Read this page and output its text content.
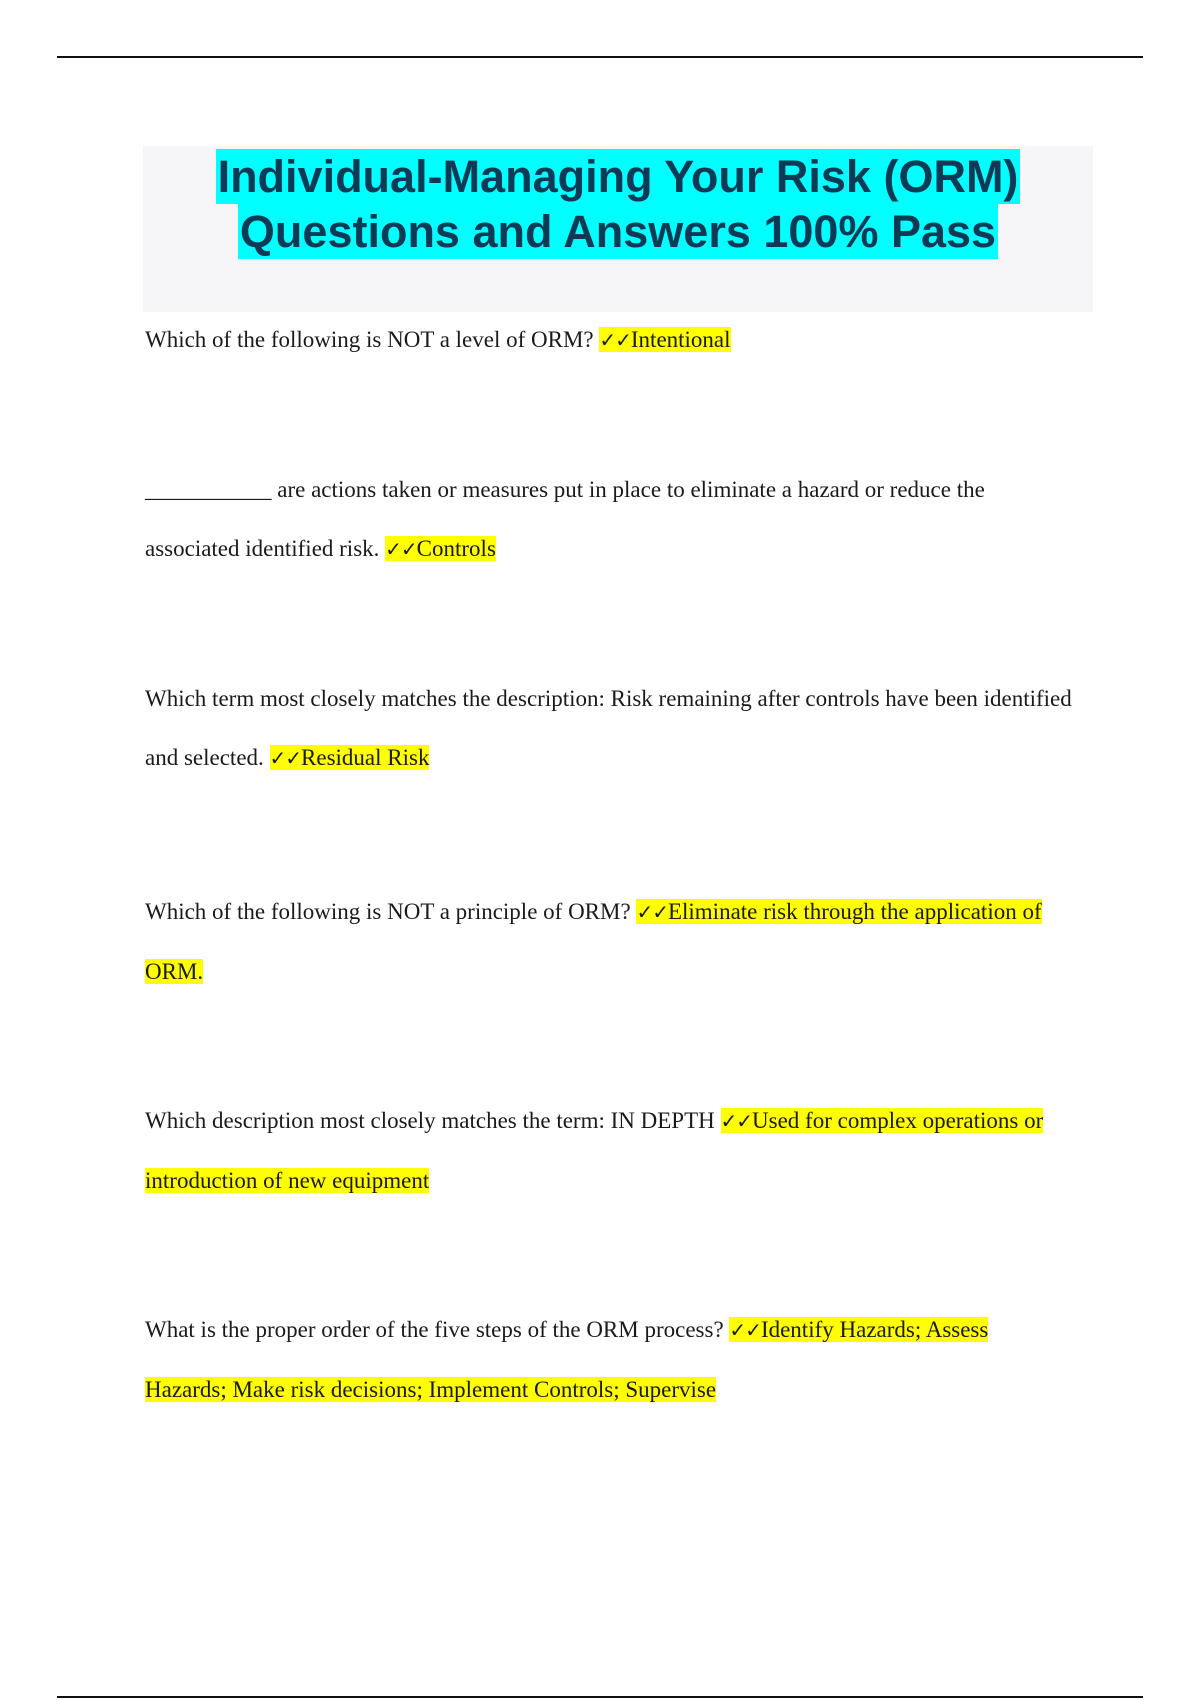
Individual-Managing Your Risk (ORM)
Questions and Answers 100% Pass

Which of the following is NOT a level of ORM? ✓✓Intentional

___________ are actions taken or measures put in place to eliminate a hazard or reduce the associated identified risk. ✓✓Controls

Which term most closely matches the description: Risk remaining after controls have been identified and selected. ✓✓Residual Risk

Which of the following is NOT a principle of ORM? ✓✓Eliminate risk through the application of ORM.

Which description most closely matches the term: IN DEPTH ✓✓Used for complex operations or introduction of new equipment

What is the proper order of the five steps of the ORM process? ✓✓Identify Hazards; Assess Hazards; Make risk decisions; Implement Controls; Supervise
